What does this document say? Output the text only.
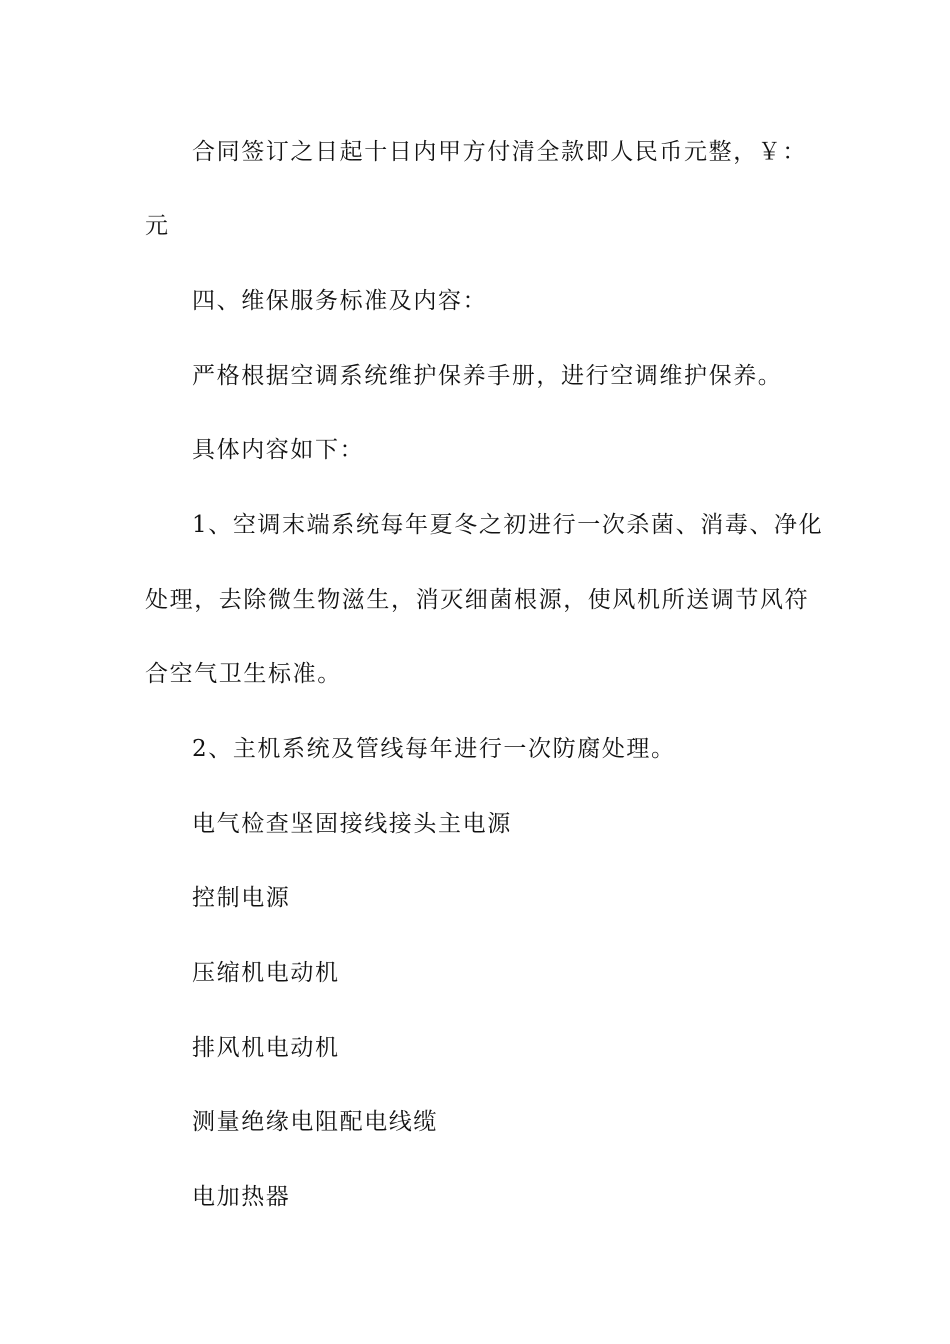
合同签订之日起十日内甲方付清全款即人民币元整，￥：
元
四、维保服务标准及内容：
严格根据空调系统维护保养手册，进行空调维护保养。
具体内容如下：
1、空调末端系统每年夏冬之初进行一次杀菌、消毒、净化
处理，去除微生物滋生，消灭细菌根源，使风机所送调节风符
合空气卫生标准。
2、主机系统及管线每年进行一次防腐处理。
电气检查坚固接线接头主电源
控制电源
压缩机电动机
排风机电动机
测量绝缘电阻配电线缆
电加热器
